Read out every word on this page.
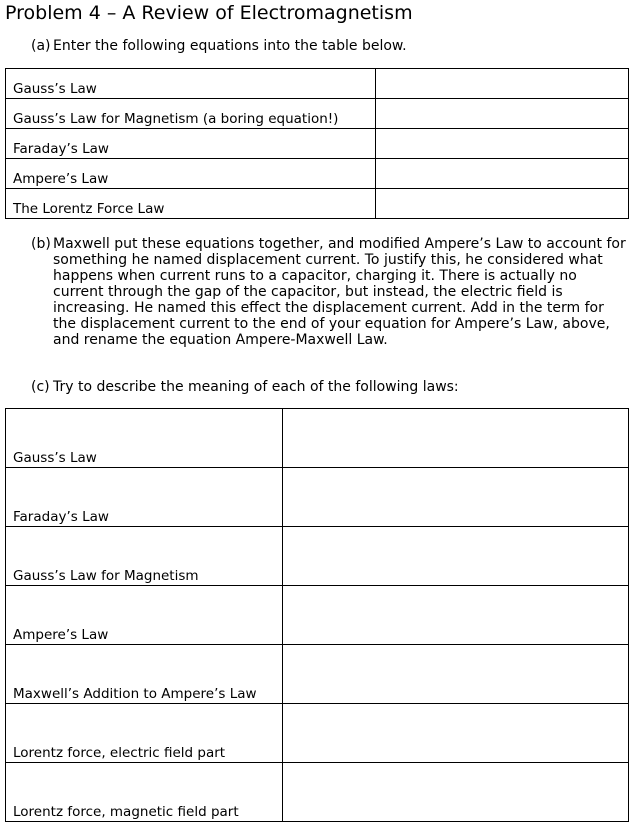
Problem 4 – A Review of Electromagnetism
(a) Enter the following equations into the table below.
Gauss’s Law	
Gauss’s Law for Magnetism (a boring equation!)	
Faraday’s Law	
Ampere’s Law	
The Lorentz Force Law	
(b) Maxwell put these equations together, and modified Ampere’s Law to account for something he named displacement current. To justify this, he considered what happens when current runs to a capacitor, charging it. There is actually no current through the gap of the capacitor, but instead, the electric field is increasing. He named this effect the displacement current. Add in the term for the displacement current to the end of your equation for Ampere’s Law, above, and rename the equation Ampere-Maxwell Law.
(c) Try to describe the meaning of each of the following laws:
Gauss’s Law	
Faraday’s Law	
Gauss’s Law for Magnetism	
Ampere’s Law	
Maxwell’s Addition to Ampere’s Law	
Lorentz force, electric field part	
Lorentz force, magnetic field part	
